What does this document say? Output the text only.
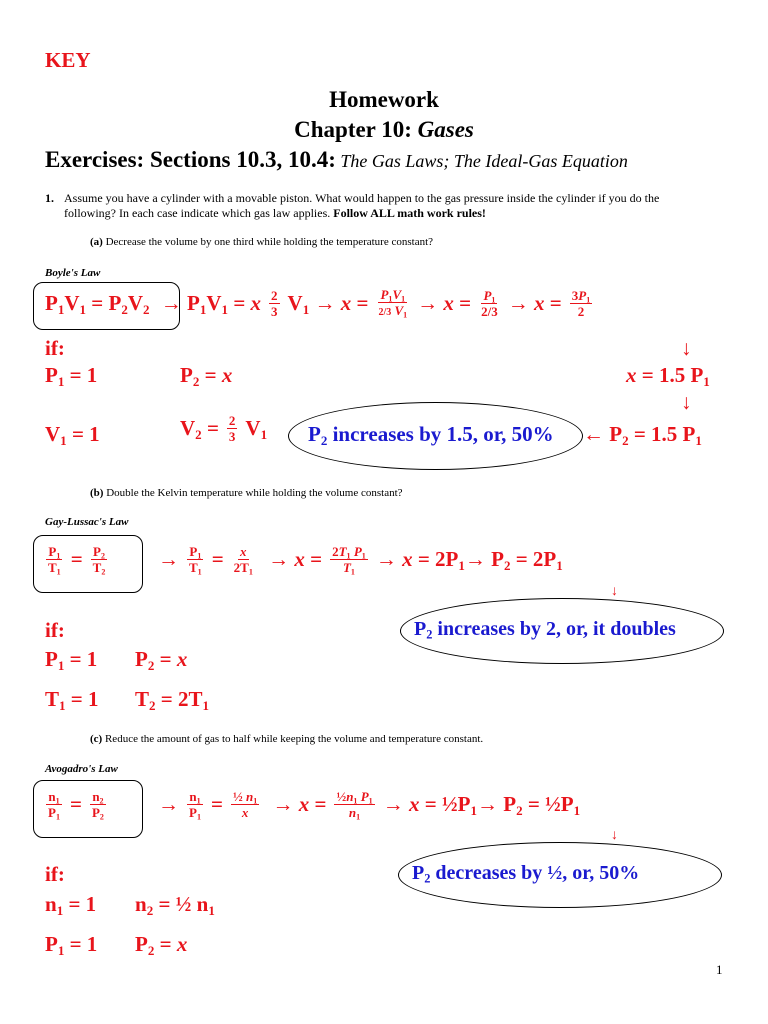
KEY
Homework
Chapter 10: Gases
Exercises: Sections 10.3, 10.4: The Gas Laws; The Ideal-Gas Equation
1. Assume you have a cylinder with a movable piston. What would happen to the gas pressure inside the cylinder if you do the following? In each case indicate which gas law applies. Follow ALL math work rules!
(a) Decrease the volume by one third while holding the temperature constant?
Boyle's Law
$P_1V_1 = P_2V_2 \to P_1V_1 = x \frac{2}{3} V_1 \to x = \frac{P_1V_1}{2/3 V_1} \to x = \frac{P_1}{2/3} \to x = \frac{3P_1}{2}$
↓
if:
$P_1 = 1$	$P_2 = x$	x = 1.5 $P_1$
↓
$V_1 = 1$	$V_2 = \frac{2}{3} V_1$ $P_2$ increases by 1.5, or, 50% ← $P_2 = 1.5$ $P_1$
(b) Double the Kelvin temperature while holding the volume constant?
Gay-Lussac's Law
$\frac{P_1}{T_1} = \frac{P_2}{T_2} \to \frac{P_1}{T_1} = \frac{x}{2T_1} \to x = \frac{2T_1 P_1}{T_1} \to x = 2P_1\to P_2 = 2P_1$
↓
$P_2$ increases by 2, or, it doubles
if:
$P_1 = 1$ $P_2 = x$
$T_1 = 1$ $T_2 = 2T_1$
(c) Reduce the amount of gas to half while keeping the volume and temperature constant.
Avogadro's Law
$\frac{n_1}{P_1} = \frac{n_2}{P_2} \to \frac{n_1}{P_1} = \frac{\frac{1}{2} n_1}{x} \to x = \frac{\frac{1}{2}n_1 P_1}{n_1} \to x$ = $\frac{1}{2}P_1\to P_2$ = $\frac{1}{2}P_1$
↓
$P_2$ decreases by ½, or, 50%
if:
$n_1 = 1$ $n_2$ = ½ $n_1$
$P_1 = 1$ $P_2 = x$
1
